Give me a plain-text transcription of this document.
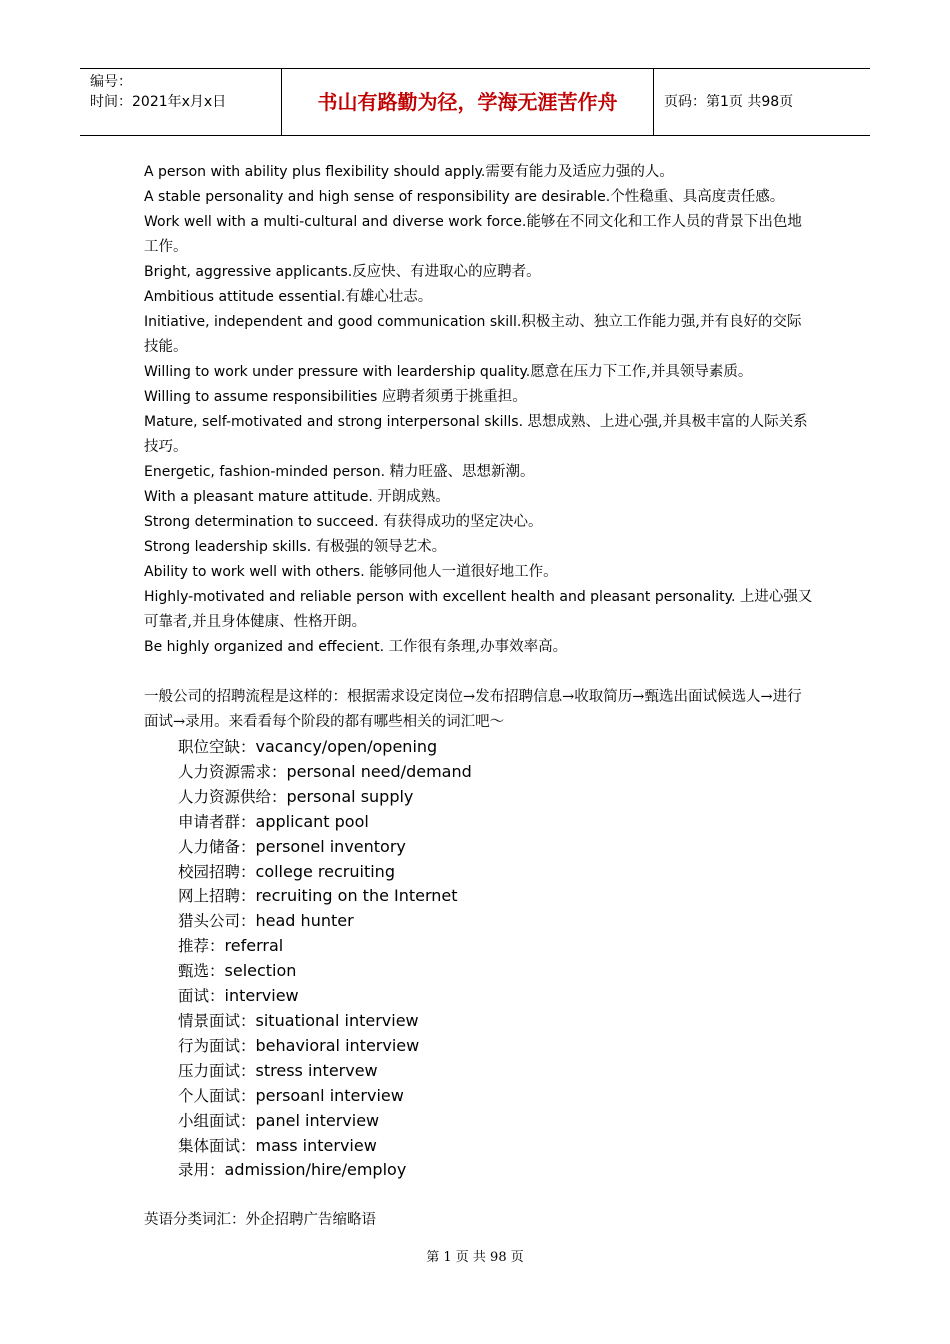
编号：
时间：2021年x月x日	书山有路勤为径，学海无涯苦作舟	页码：第1页 共98页

A person with ability plus flexibility should apply.需要有能力及适应力强的人。

A stable personality and high sense of responsibility are desirable.个性稳重、具高度责任感。

Work well with a multi-cultural and diverse work force.能够在不同文化和工作人员的背景下出色地工作。

Bright, aggressive applicants.反应快、有进取心的应聘者。

Ambitious attitude essential.有雄心壮志。

Initiative, independent and good communication skill.积极主动、独立工作能力强,并有良好的交际技能。

Willing to work under pressure with leardership quality.愿意在压力下工作,并具领导素质。

Willing to assume responsibilities 应聘者须勇于挑重担。

Mature, self-motivated and strong interpersonal skills. 思想成熟、上进心强,并具极丰富的人际关系技巧。

Energetic, fashion-minded person. 精力旺盛、思想新潮。

With a pleasant mature attitude. 开朗成熟。

Strong determination to succeed. 有获得成功的坚定决心。

Strong leadership skills. 有极强的领导艺术。

Ability to work well with others. 能够同他人一道很好地工作。

Highly-motivated and reliable person with excellent health and pleasant personality. 上进心强又可靠者,并且身体健康、性格开朗。

Be highly organized and effecient. 工作很有条理,办事效率高。

一般公司的招聘流程是这样的：根据需求设定岗位→发布招聘信息→收取简历→甄选出面试候选人→进行面试→录用。来看看每个阶段的都有哪些相关的词汇吧～

职位空缺：vacancy/open/opening
人力资源需求：personal need/demand
人力资源供给：personal supply
申请者群：applicant pool
人力储备：personel inventory
校园招聘：college recruiting
网上招聘：recruiting on the Internet
猎头公司：head hunter
推荐：referral
甄选：selection
面试：interview
情景面试：situational interview
行为面试：behavioral interview
压力面试：stress intervew
个人面试：persoanl interview
小组面试：panel interview
集体面试：mass interview
录用：admission/hire/employ

英语分类词汇：外企招聘广告缩略语

第 1 页 共 98 页
